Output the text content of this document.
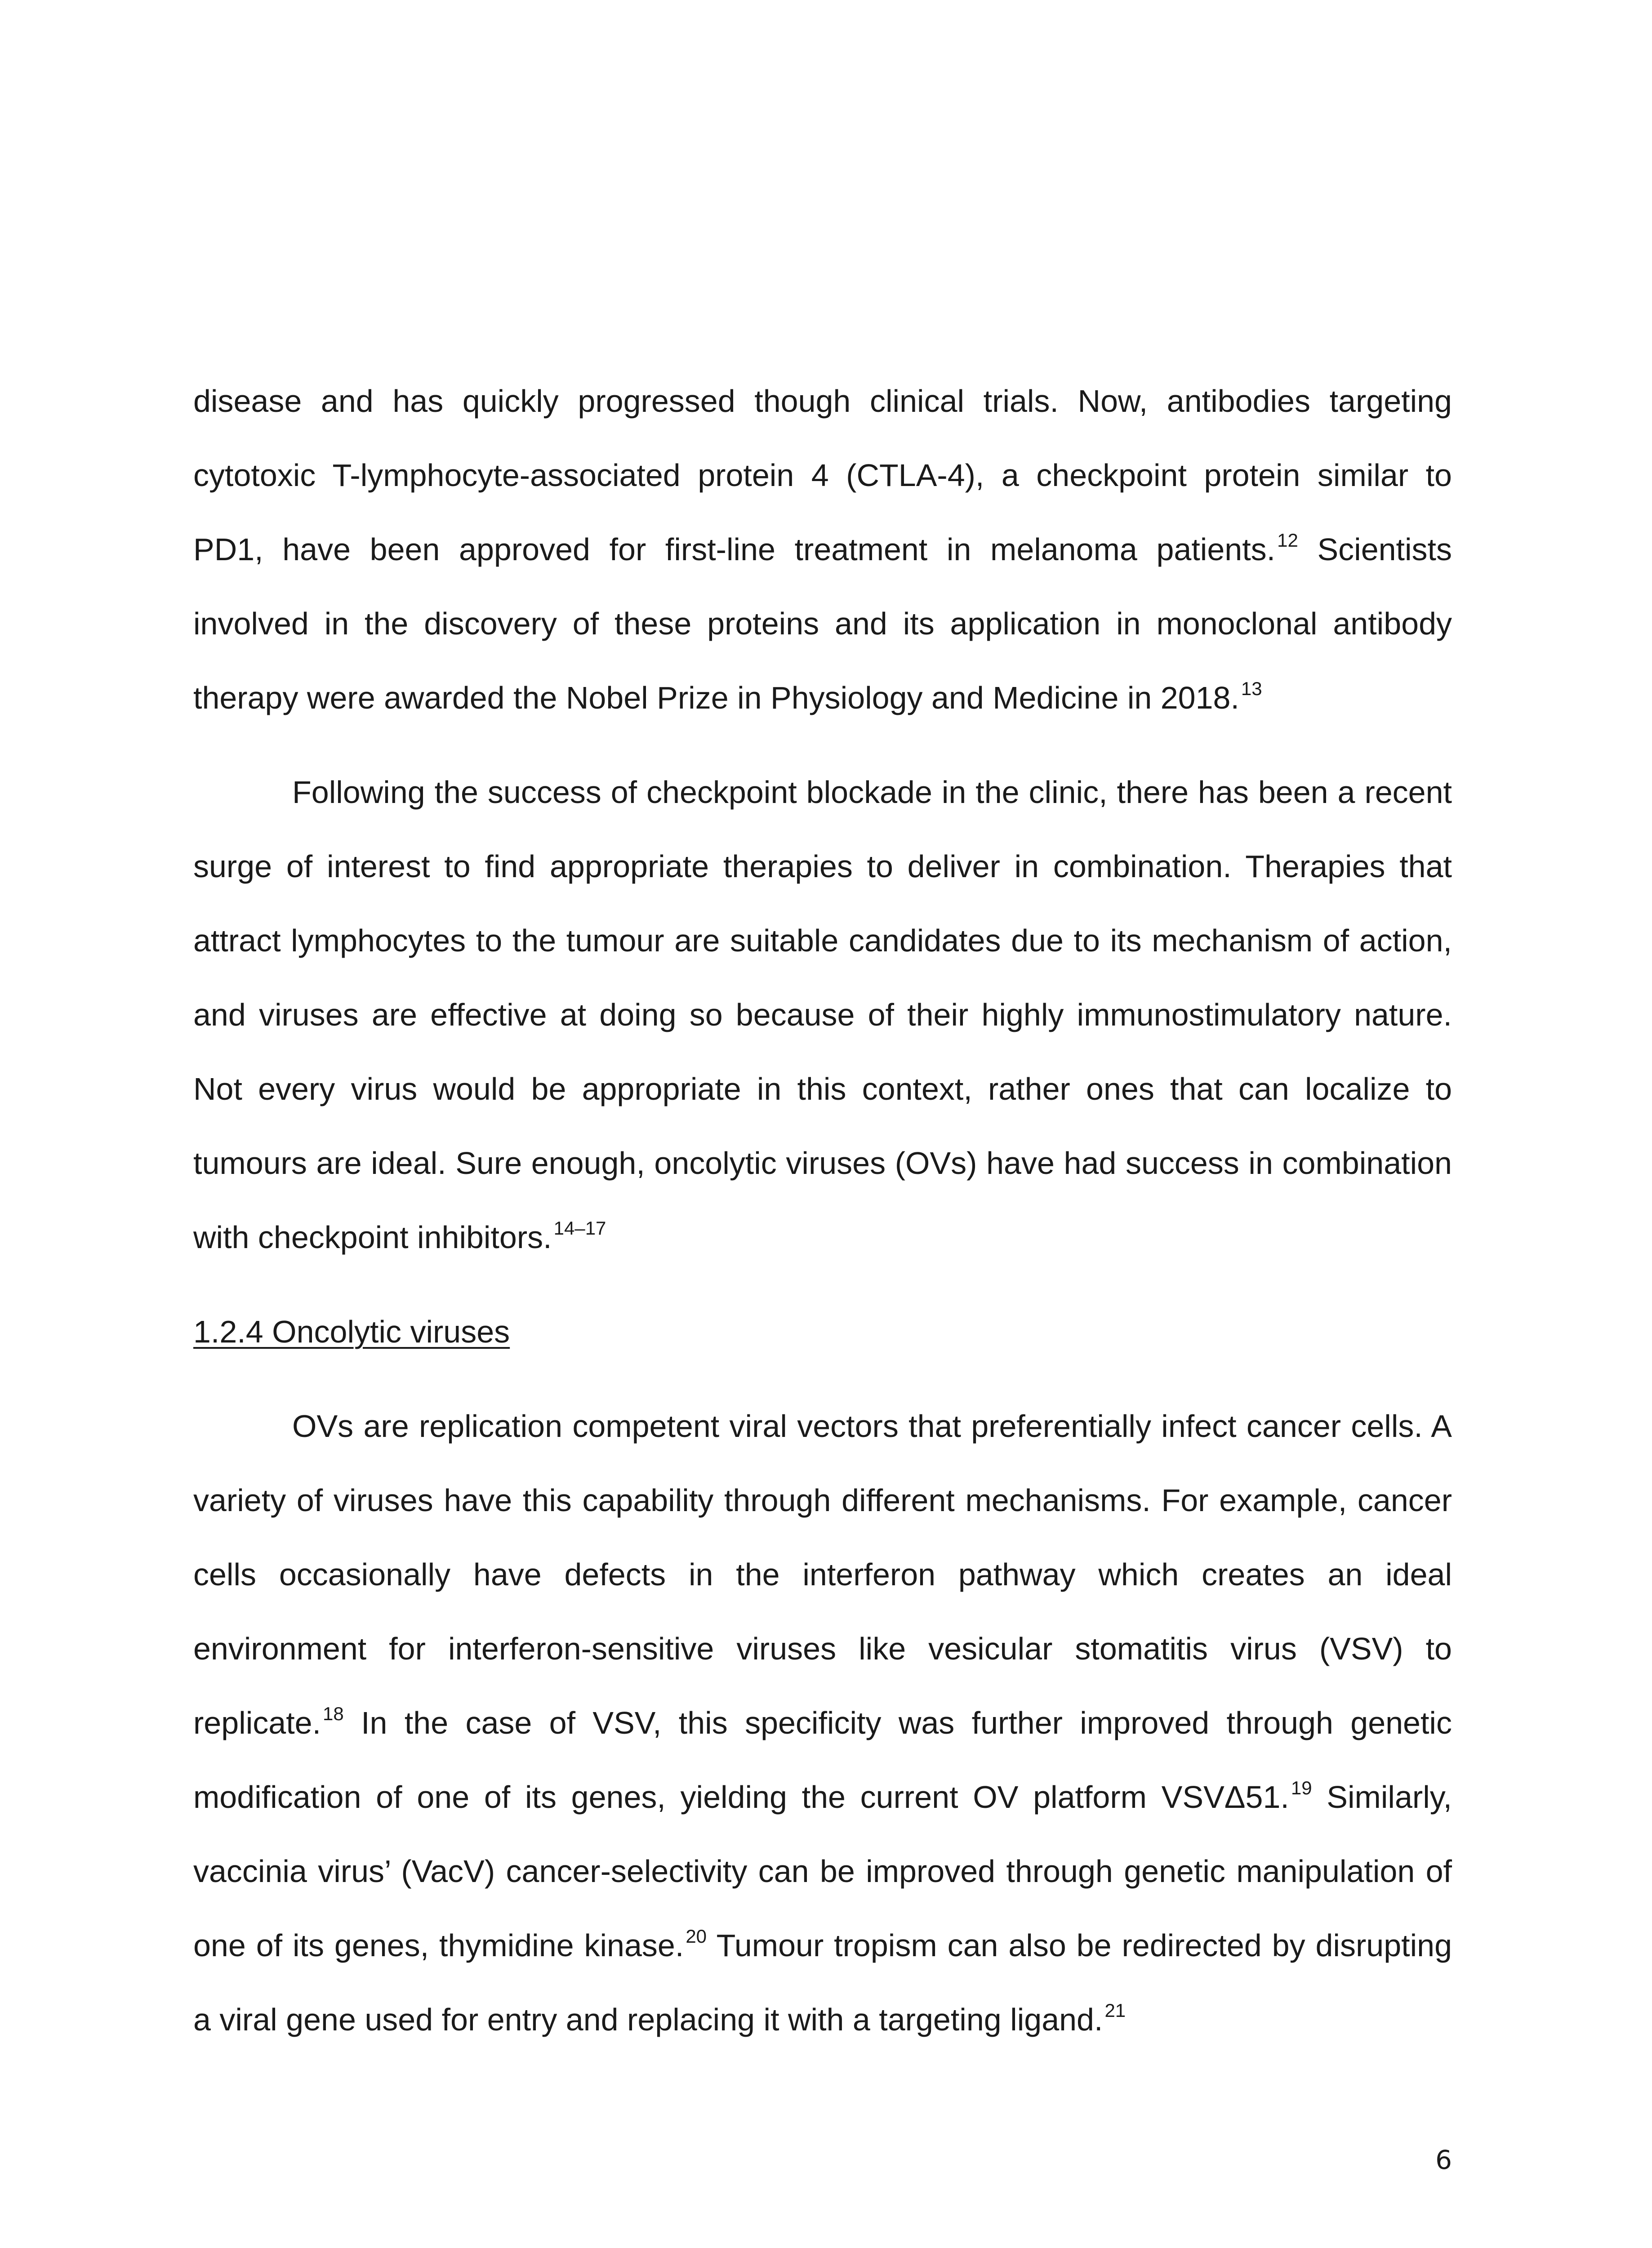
disease and has quickly progressed though clinical trials. Now, antibodies targeting cytotoxic T-lymphocyte-associated protein 4 (CTLA-4), a checkpoint protein similar to PD1, have been approved for first-line treatment in melanoma patients.$^{12}$ Scientists involved in the discovery of these proteins and its application in monoclonal antibody therapy were awarded the Nobel Prize in Physiology and Medicine in 2018.13

Following the success of checkpoint blockade in the clinic, there has been a recent surge of interest to find appropriate therapies to deliver in combination. Therapies that attract lymphocytes to the tumour are suitable candidates due to its mechanism of action, and viruses are effective at doing so because of their highly immunostimulatory nature. Not every virus would be appropriate in this context, rather ones that can localize to tumours are ideal. Sure enough, oncolytic viruses (OVs) have had success in combination with checkpoint inhibitors.$^{14-17}$

1.2.4 Oncolytic viruses

OVs are replication competent viral vectors that preferentially infect cancer cells. A variety of viruses have this capability through different mechanisms. For example, cancer cells occasionally have defects in the interferon pathway which creates an ideal environment for interferon-sensitive viruses like vesicular stomatitis virus (VSV) to replicate.$^{18}$ In the case of VSV, this specificity was further improved through genetic modification of one of its genes, yielding the current OV platform VSVΔ51.19 Similarly, vaccinia virus’ (VacV) cancer-selectivity can be improved through genetic manipulation of one of its genes, thymidine kinase.$^{20}$ Tumour tropism can also be redirected by disrupting a viral gene used for entry and replacing it with a targeting ligand.$^{21}$

6
